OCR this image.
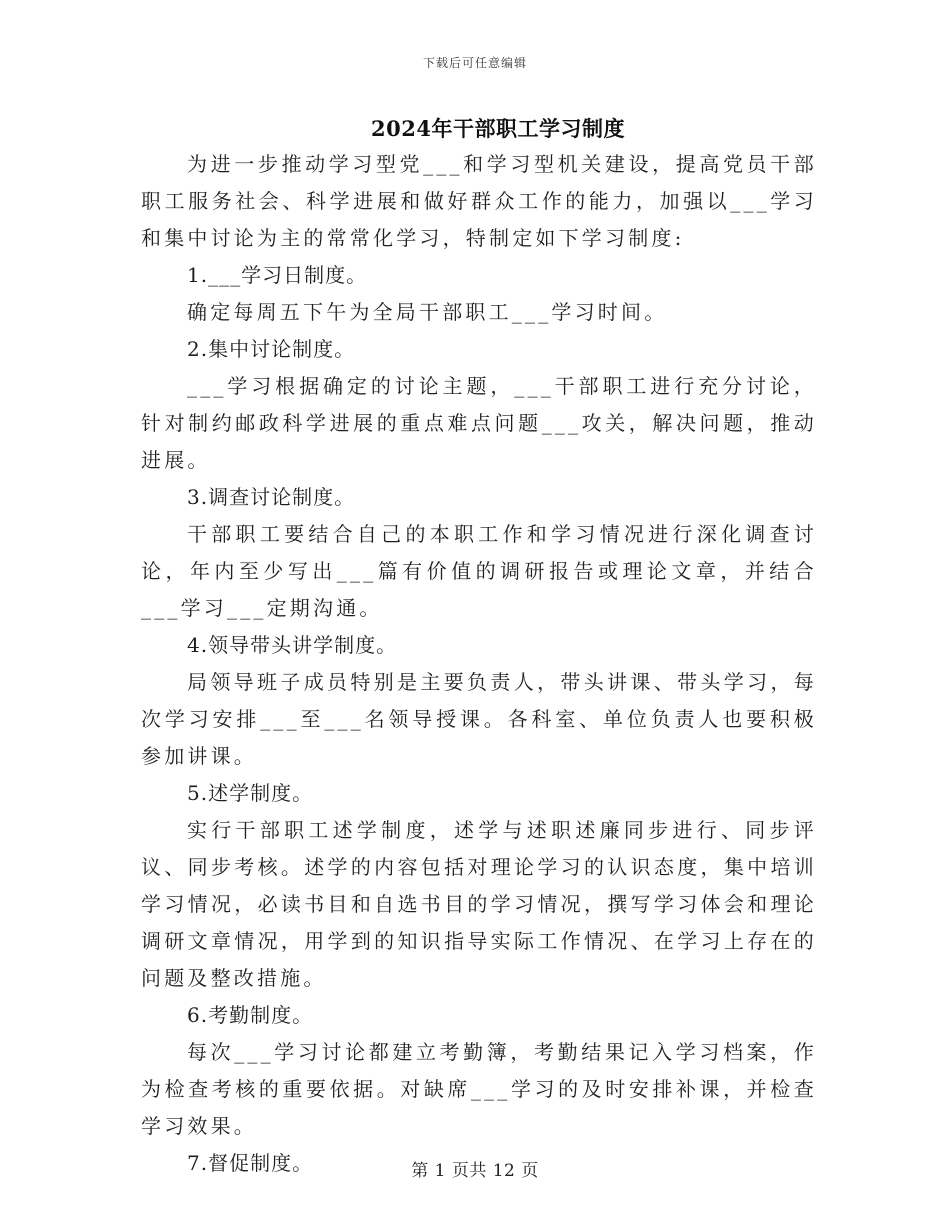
下载后可任意编辑
2024年干部职工学习制度

为进一步推动学习型党___和学习型机关建设，提高党员干部职工服务社会、科学进展和做好群众工作的能力，加强以___学习和集中讨论为主的常常化学习，特制定如下学习制度:

1.___学习日制度。

确定每周五下午为全局干部职工___学习时间。

2.集中讨论制度。

___学习根据确定的讨论主题，___干部职工进行充分讨论，针对制约邮政科学进展的重点难点问题___攻关，解决问题，推动进展。

3.调查讨论制度。

干部职工要结合自己的本职工作和学习情况进行深化调查讨论，年内至少写出___篇有价值的调研报告或理论文章，并结合___学习___定期沟通。

4.领导带头讲学制度。

局领导班子成员特别是主要负责人，带头讲课、带头学习，每次学习安排___至___名领导授课。各科室、单位负责人也要积极参加讲课。

5.述学制度。

实行干部职工述学制度，述学与述职述廉同步进行、同步评议、同步考核。述学的内容包括对理论学习的认识态度，集中培训学习情况，必读书目和自选书目的学习情况，撰写学习体会和理论调研文章情况，用学到的知识指导实际工作情况、在学习上存在的问题及整改措施。

6.考勤制度。

每次___学习讨论都建立考勤簿，考勤结果记入学习档案，作为检查考核的重要依据。对缺席___学习的及时安排补课，并检查学习效果。

7.督促制度。	第 1 页共 12 页
